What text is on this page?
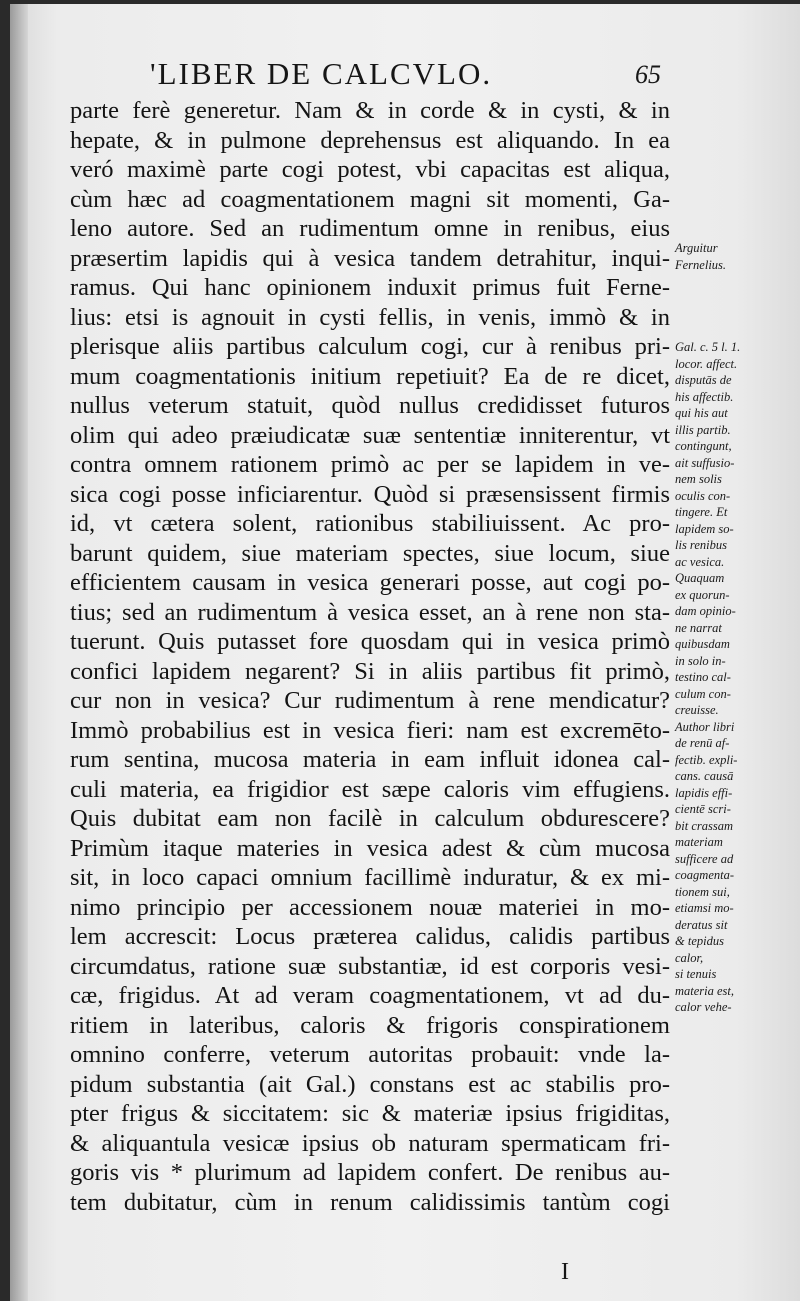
'LIBER DE CALCVLO.	65
parte ferè generetur. Nam & in corde & in cysti, & in
hepate, & in pulmone deprehensus est aliquando. In ea
veró maximè parte cogi potest, vbi capacitas est aliqua,
cùm hæc ad coagmentationem magni sit momenti, Ga-
leno autore. Sed an rudimentum omne in renibus, eius
præsertim lapidis qui à vesica tandem detrahitur, inqui-
ramus. Qui hanc opinionem induxit primus fuit Ferne-
lius: etsi is agnouit in cysti fellis, in venis, immò & in
plerisque aliis partibus calculum cogi, cur à renibus pri-
mum coagmentationis initium repetiuit? Ea de re dicet,
nullus veterum statuit, quòd nullus credidisset futuros
olim qui adeo præiudicatæ suæ sententiæ inniterentur, vt
contra omnem rationem primò ac per se lapidem in ve-
sica cogi posse inficiarentur. Quòd si præsensissent firmis
id, vt cætera solent, rationibus stabiliuissent. Ac pro-
barunt quidem, siue materiam spectes, siue locum, siue
efficientem causam in vesica generari posse, aut cogi po-
tius; sed an rudimentum à vesica esset, an à rene non sta-
tuerunt. Quis putasset fore quosdam qui in vesica primò
confici lapidem negarent? Si in aliis partibus fit primò,
cur non in vesica? Cur rudimentum à rene mendicatur?
Immò probabilius est in vesica fieri: nam est excremēto-
rum sentina, mucosa materia in eam influit idonea cal-
culi materia, ea frigidior est sæpe caloris vim effugiens.
Quis dubitat eam non facilè in calculum obdurescere?
Primùm itaque materies in vesica adest & cùm mucosa
sit, in loco capaci omnium facillimè induratur, & ex mi-
nimo principio per accessionem nouæ materiei in mo-
lem accrescit: Locus præterea calidus, calidis partibus
circumdatus, ratione suæ substantiæ, id est corporis vesi-
cæ, frigidus. At ad veram coagmentationem, vt ad du-
ritiem in lateribus, caloris & frigoris conspirationem
omnino conferre, veterum autoritas probauit: vnde la-
pidum substantia (ait Gal.) constans est ac stabilis pro-
pter frigus & siccitatem: sic & materiæ ipsius frigiditas,
& aliquantula vesicæ ipsius ob naturam spermaticam fri-
goris vis * plurimum ad lapidem confert. De renibus au-
tem dubitatur, cùm in renum calidissimis tantùm cogi
Arguitur
Fernelius.

Gal. c. 5 l. 1.
locor. affect.
disputās de
his affectib.
qui his aut
illis partib.
contingunt,
ait suffusio-
nem solis
oculis con-
tingere. Et
lapidem so-
lis renibus
ac vesica.
Quaquam
ex quorun-
dam opinio-
ne narrat
quibusdam
in solo in-
testino cal-
culum con-
creuisse.
Author libri
de renū af-
fectib. expli-
cans. causā
lapidis effi-
cientē scri-
bit crassam
materiam
sufficere ad
coagmenta-
tionem sui,
etiamsi mo-
deratus sit
& tepidus
calor,
si tenuis
materia est,
calor vehe-
I
